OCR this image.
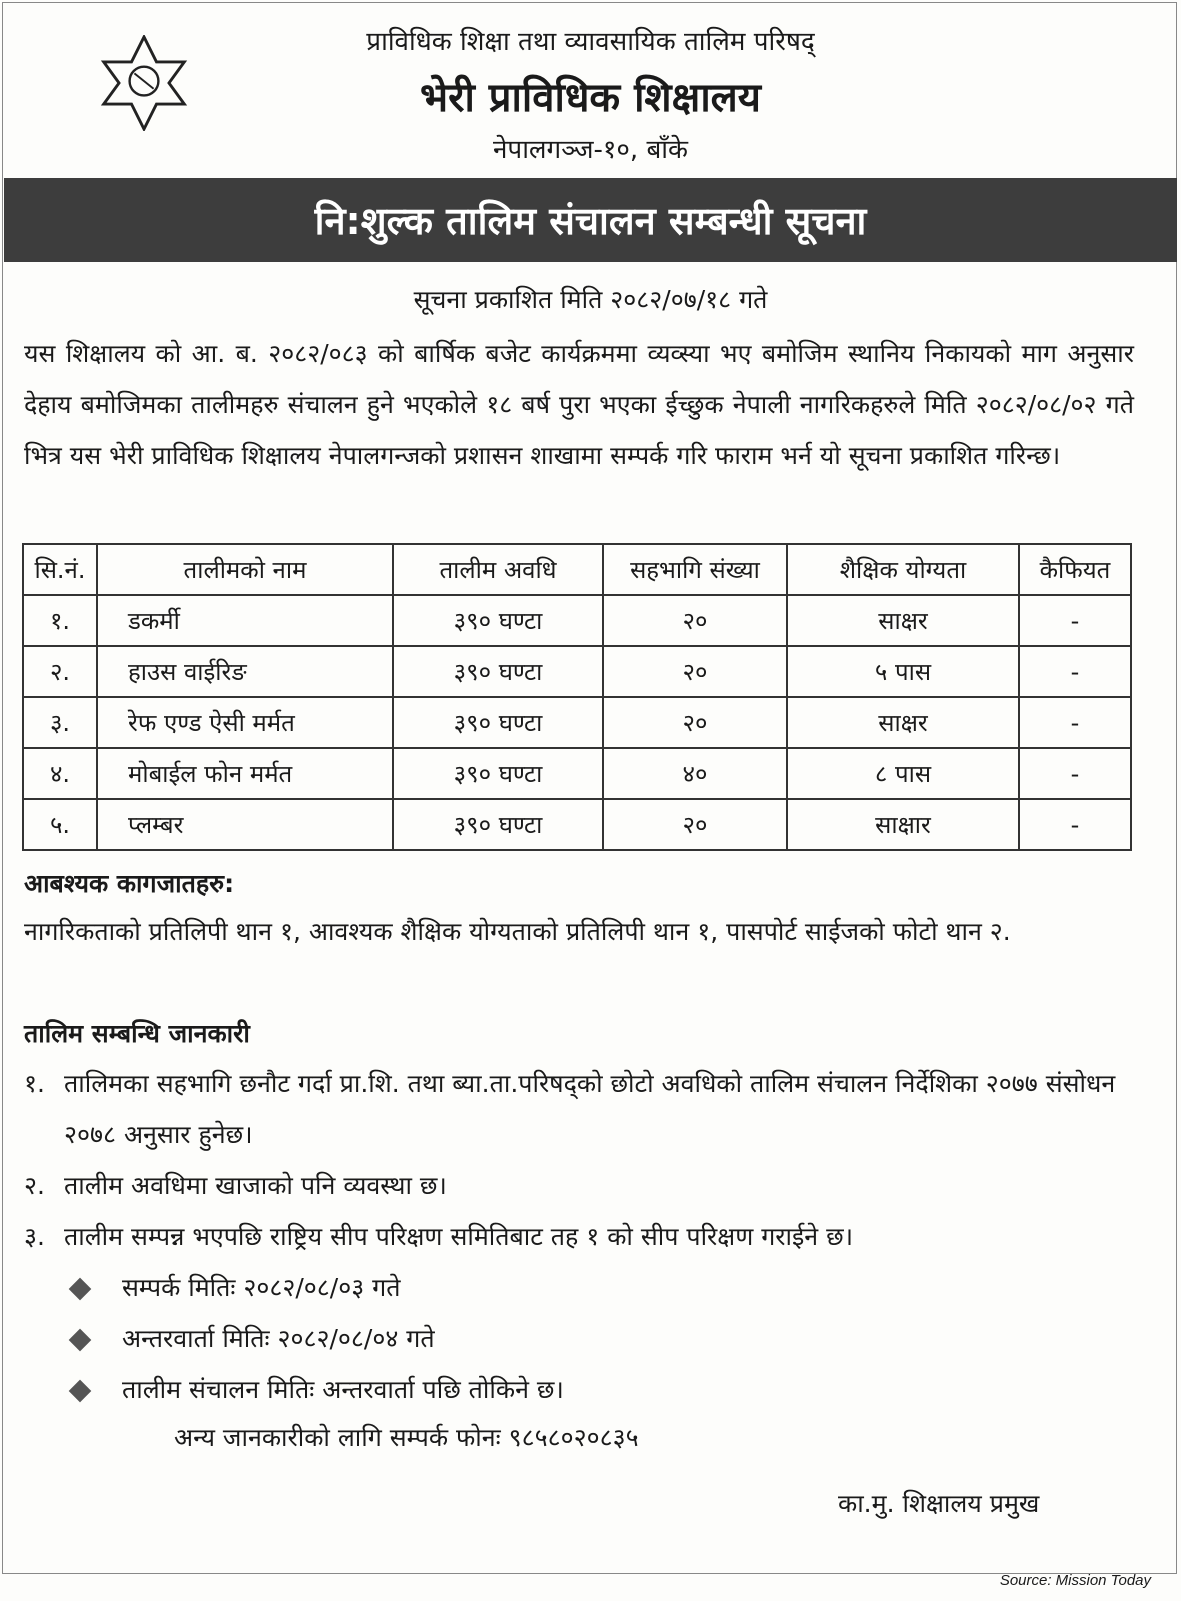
प्राविधिक शिक्षा तथा व्यावसायिक तालिम परिषद्
भेरी प्राविधिक शिक्षालय
नेपालगञ्ज-१०, बाँके
नि:शुल्क तालिम संचालन सम्बन्धी सूचना
सूचना प्रकाशित मिति २०८२/०७/१८ गते
यस शिक्षालय को आ. ब. २०८२/०८३ को बार्षिक बजेट कार्यक्रममा व्यव्स्या भए बमोजिम स्थानिय निकायको माग अनुसार देहाय बमोजिमका तालीमहरु संचालन हुने भएकोले १८ बर्ष पुरा भएका ईच्छुक नेपाली नागरिकहरुले मिति २०८२/०८/०२ गते भित्र यस भेरी प्राविधिक शिक्षालय नेपालगन्जको प्रशासन शाखामा सम्पर्क गरि फाराम भर्न यो सूचना प्रकाशित गरिन्छ।
सि.नं.	तालीमको नाम	तालीम अवधि	सहभागि संख्या	शैक्षिक योग्यता	कैफियत
१.	डकर्मी	३९० घण्टा	२०	साक्षर	-
२.	हाउस वाईरिङ	३९० घण्टा	२०	५ पास	-
३.	रेफ एण्ड ऐसी मर्मत	३९० घण्टा	२०	साक्षर	-
४.	मोबाईल फोन मर्मत	३९० घण्टा	४०	८ पास	-
५.	प्लम्बर	३९० घण्टा	२०	साक्षार	-
आबश्यक कागजातहरु:
नागरिकताको प्रतिलिपी थान १, आवश्यक शैक्षिक योग्यताको प्रतिलिपी थान १, पासपोर्ट साईजको फोटो थान २.
तालिम सम्बन्धि जानकारी
१. तालिमका सहभागि छनौट गर्दा प्रा.शि. तथा ब्या.ता.परिषद्को छोटो अवधिको तालिम संचालन निर्देशिका २०७७ संसोधन २०७८ अनुसार हुनेछ।
२. तालीम अवधिमा खाजाको पनि व्यवस्था छ।
३. तालीम सम्पन्न भएपछि राष्ट्रिय सीप परिक्षण समितिबाट तह १ को सीप परिक्षण गराईने छ।
सम्पर्क मितिः २०८२/०८/०३ गते
अन्तरवार्ता मितिः २०८२/०८/०४ गते
तालीम संचालन मितिः अन्तरवार्ता पछि तोकिने छ।
अन्य जानकारीको लागि सम्पर्क फोनः ९८५८०२०८३५
का.मु. शिक्षालय प्रमुख
Source: Mission Today
